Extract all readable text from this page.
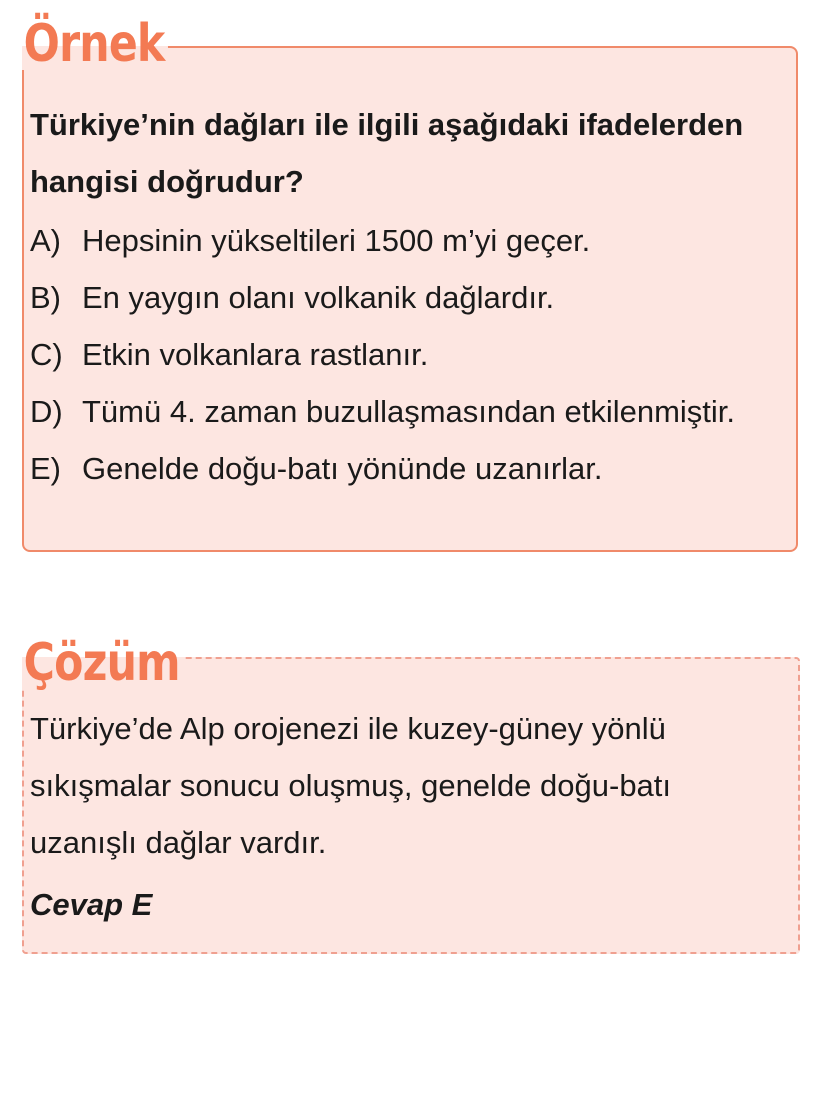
Örnek

Türkiye’nin dağları ile ilgili aşağıdaki ifadelerden hangisi doğrudur?

A) Hepsinin yükseltileri 1500 m’yi geçer.
B) En yaygın olanı volkanik dağlardır.
C) Etkin volkanlara rastlanır.
D) Tümü 4. zaman buzullaşmasından etkilenmiştir.
E) Genelde doğu-batı yönünde uzanırlar.
Çözüm

Türkiye’de Alp orojenezi ile kuzey-güney yönlü sıkışmalar sonucu oluşmuş, genelde doğu-batı uzanışlı dağlar vardır.

Cevap E
